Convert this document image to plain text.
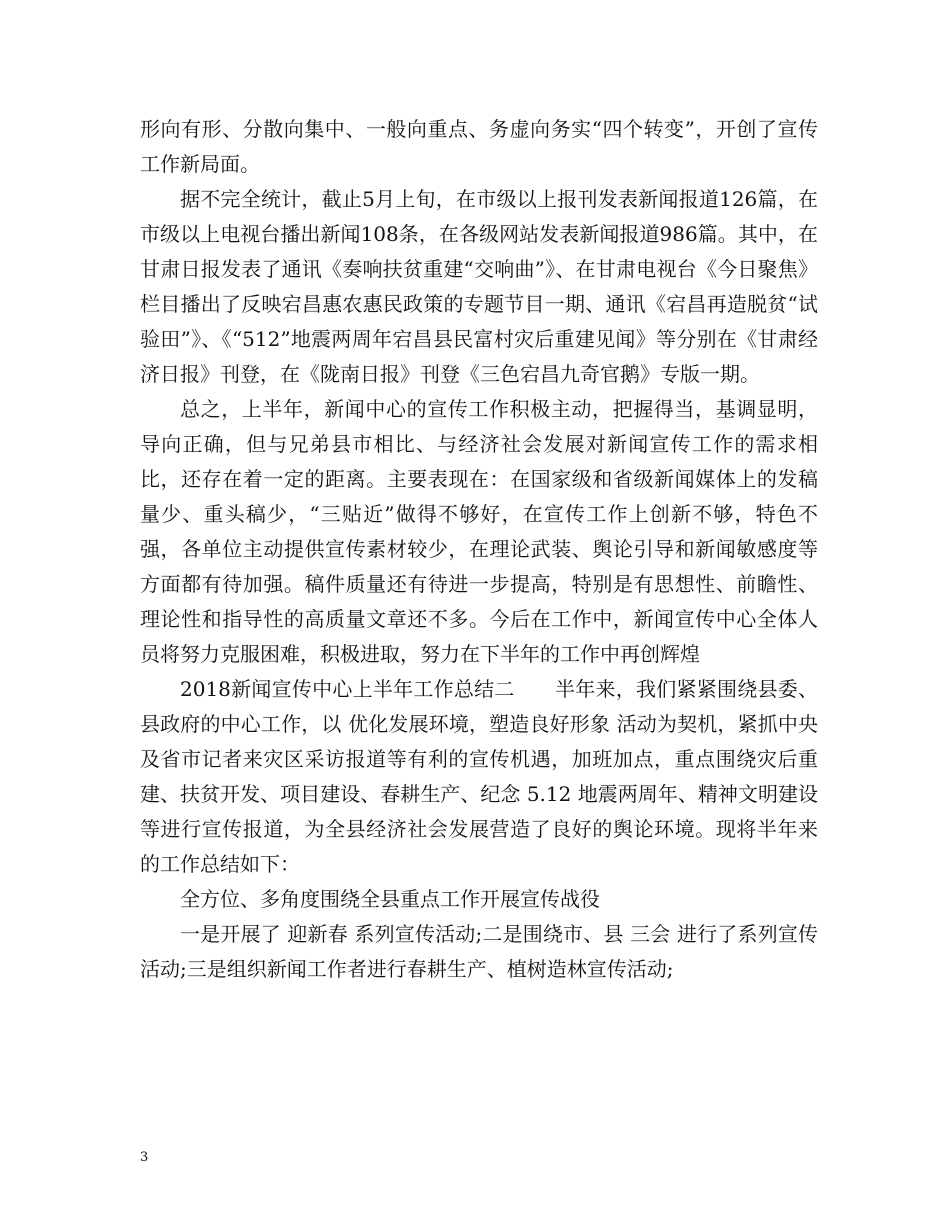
形向有形、分散向集中、一般向重点、务虚向务实“四个转变”，开创了宣传工作新局面。

据不完全统计，截止5月上旬，在市级以上报刊发表新闻报道126篇，在市级以上电视台播出新闻108条，在各级网站发表新闻报道986篇。其中，在甘肃日报发表了通讯《奏响扶贫重建“交响曲”》、在甘肃电视台《今日聚焦》栏目播出了反映宕昌惠农惠民政策的专题节目一期、通讯《宕昌再造脱贫“试验田”》、《“512”地震两周年宕昌县民富村灾后重建见闻》等分别在《甘肃经济日报》刊登，在《陇南日报》刊登《三色宕昌九奇官鹅》专版一期。

总之，上半年，新闻中心的宣传工作积极主动，把握得当，基调显明，导向正确，但与兄弟县市相比、与经济社会发展对新闻宣传工作的需求相比，还存在着一定的距离。主要表现在：在国家级和省级新闻媒体上的发稿量少、重头稿少，“三贴近”做得不够好，在宣传工作上创新不够，特色不强，各单位主动提供宣传素材较少，在理论武装、舆论引导和新闻敏感度等方面都有待加强。稿件质量还有待进一步提高，特别是有思想性、前瞻性、理论性和指导性的高质量文章还不多。今后在工作中，新闻宣传中心全体人员将努力克服困难，积极进取，努力在下半年的工作中再创辉煌

2018新闻宣传中心上半年工作总结二　　半年来，我们紧紧围绕县委、县政府的中心工作，以 优化发展环境，塑造良好形象 活动为契机，紧抓中央及省市记者来灾区采访报道等有利的宣传机遇，加班加点，重点围绕灾后重建、扶贫开发、项目建设、春耕生产、纪念 5.12 地震两周年、精神文明建设等进行宣传报道，为全县经济社会发展营造了良好的舆论环境。现将半年来的工作总结如下：

全方位、多角度围绕全县重点工作开展宣传战役

一是开展了 迎新春 系列宣传活动;二是围绕市、县 三会 进行了系列宣传活动;三是组织新闻工作者进行春耕生产、植树造林宣传活动;

3
